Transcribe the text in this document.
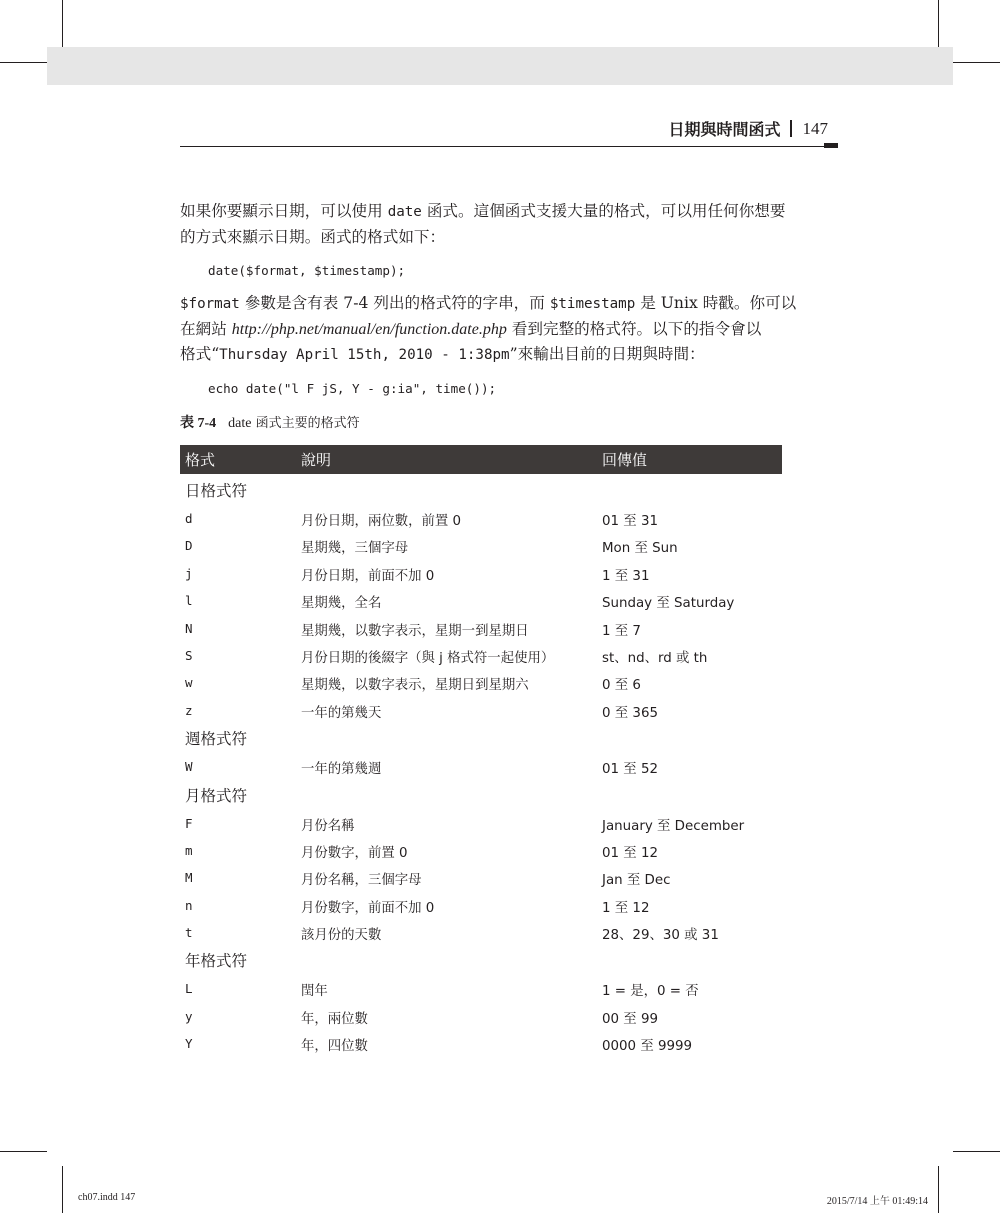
日期與時間函式 147
如果你要顯示日期，可以使用 date 函式。這個函式支援大量的格式，可以用任何你想要
的方式來顯示日期。函式的格式如下：
date($format, $timestamp);
$format 參數是含有表 7-4 列出的格式符的字串，而 $timestamp 是 Unix 時戳。你可以
在網站 http://php.net/manual/en/function.date.php 看到完整的格式符。以下的指令會以
格式“Thursday April 15th, 2010 - 1:38pm”來輸出目前的日期與時間：
echo date("l F jS, Y - g:ia", time());
表 7-4 date 函式主要的格式符
格式	說明	回傳值
日格式符
d	月份日期，兩位數，前置 0	01 至 31
D	星期幾，三個字母	Mon 至 Sun
j	月份日期，前面不加 0	1 至 31
l	星期幾，全名	Sunday 至 Saturday
N	星期幾，以數字表示，星期一到星期日	1 至 7
S	月份日期的後綴字（與 j 格式符一起使用）	st、nd、rd 或 th
w	星期幾，以數字表示，星期日到星期六	0 至 6
z	一年的第幾天	0 至 365
週格式符
W	一年的第幾週	01 至 52
月格式符
F	月份名稱	January 至 December
m	月份數字，前置 0	01 至 12
M	月份名稱，三個字母	Jan 至 Dec
n	月份數字，前面不加 0	1 至 12
t	該月份的天數	28、29、30 或 31
年格式符
L	閏年	1 = 是，0 = 否
y	年，兩位數	00 至 99
Y	年，四位數	0000 至 9999
ch07.indd 147	2015/7/14 上午 01:49:14
